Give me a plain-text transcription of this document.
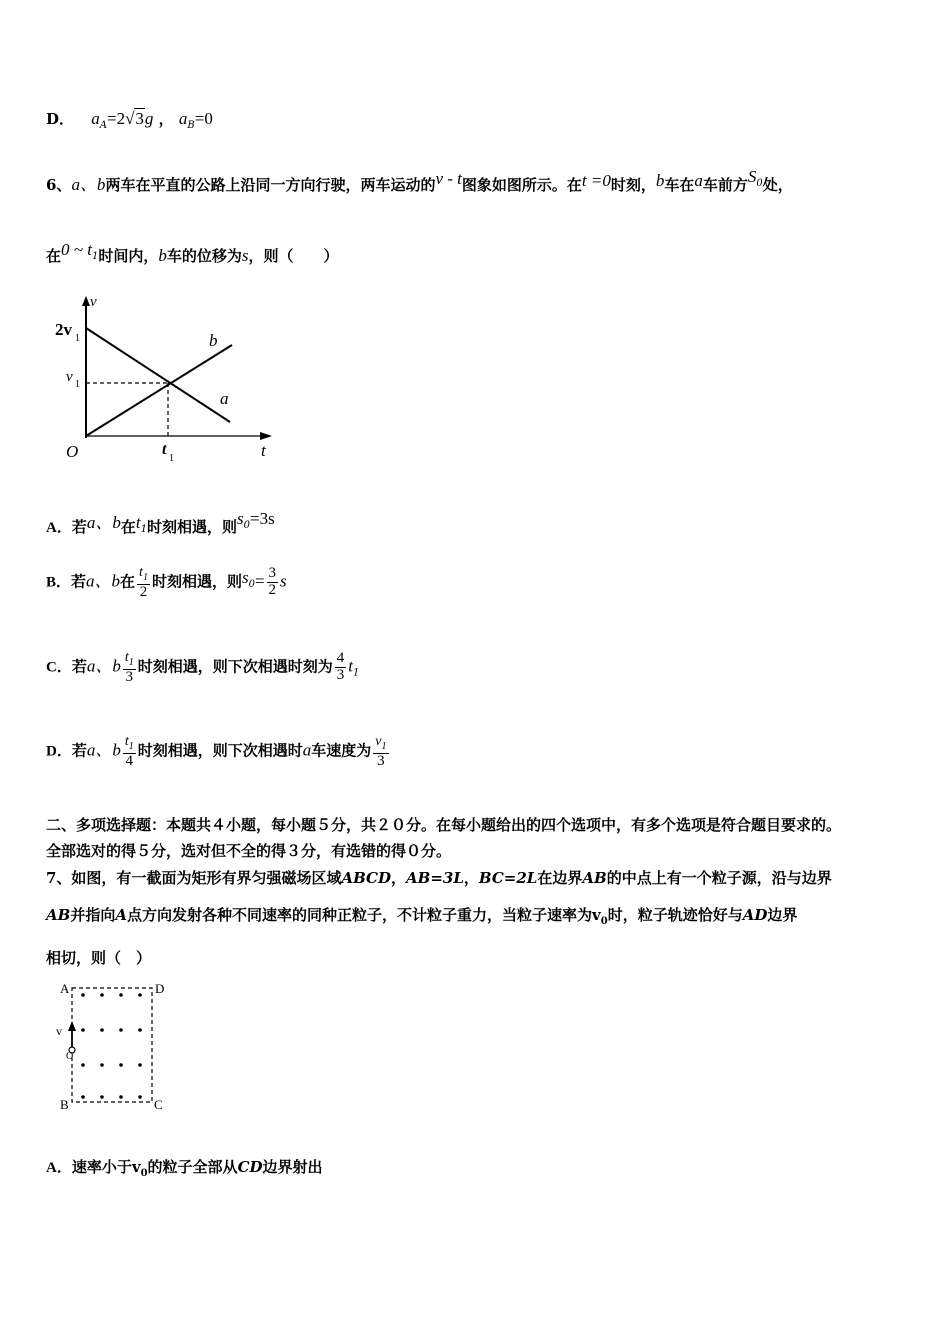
D． $a_A=2√3g$ ， $a_B=0$
6、a、b两车在平直的公路上沿同一方向行驶，两车运动的v - t图象如图所示。在t =0时刻，b车在a车前方$S_0$处，
在0 ~ $t_1$时间内，b车的位移为s，则（　　）
v
t
O
2v 1
v 1
t
1
b
a
A．若a、b在$t_1$时刻相遇，则$s_0=3s$
B．若a、b在 $\frac{t_1}{2}$ 时刻相遇，则$s_0= \frac{3}{2}$ s
C．若a、b $\frac{t_1}{3}$ 时刻相遇，则下次相遇时刻为 $\frac{4}{3} t_1$
D．若a、b $\frac{t_1}{4}$ 时刻相遇，则下次相遇时a车速度为 $\frac{v_1}{3}$
二、多项选择题：本题共４小题，每小题５分，共２０分。在每小题给出的四个选项中，有多个选项是符合题目要求的。
全部选对的得５分，选对但不全的得３分，有选错的得０分。
7、如图，有一截面为矩形有界匀强磁场区域ABCD，AB=3L，BC=2L在边界AB的中点上有一个粒子源，沿与边界
AB并指向A点方向发射各种不同速率的同种正粒子，不计粒子重力，当粒子速率为$v_0$时，粒子轨迹恰好与AD边界
相切，则（　）
A	D
B	C
v
O
A．速率小于$v_0$的粒子全部从CD边界射出
